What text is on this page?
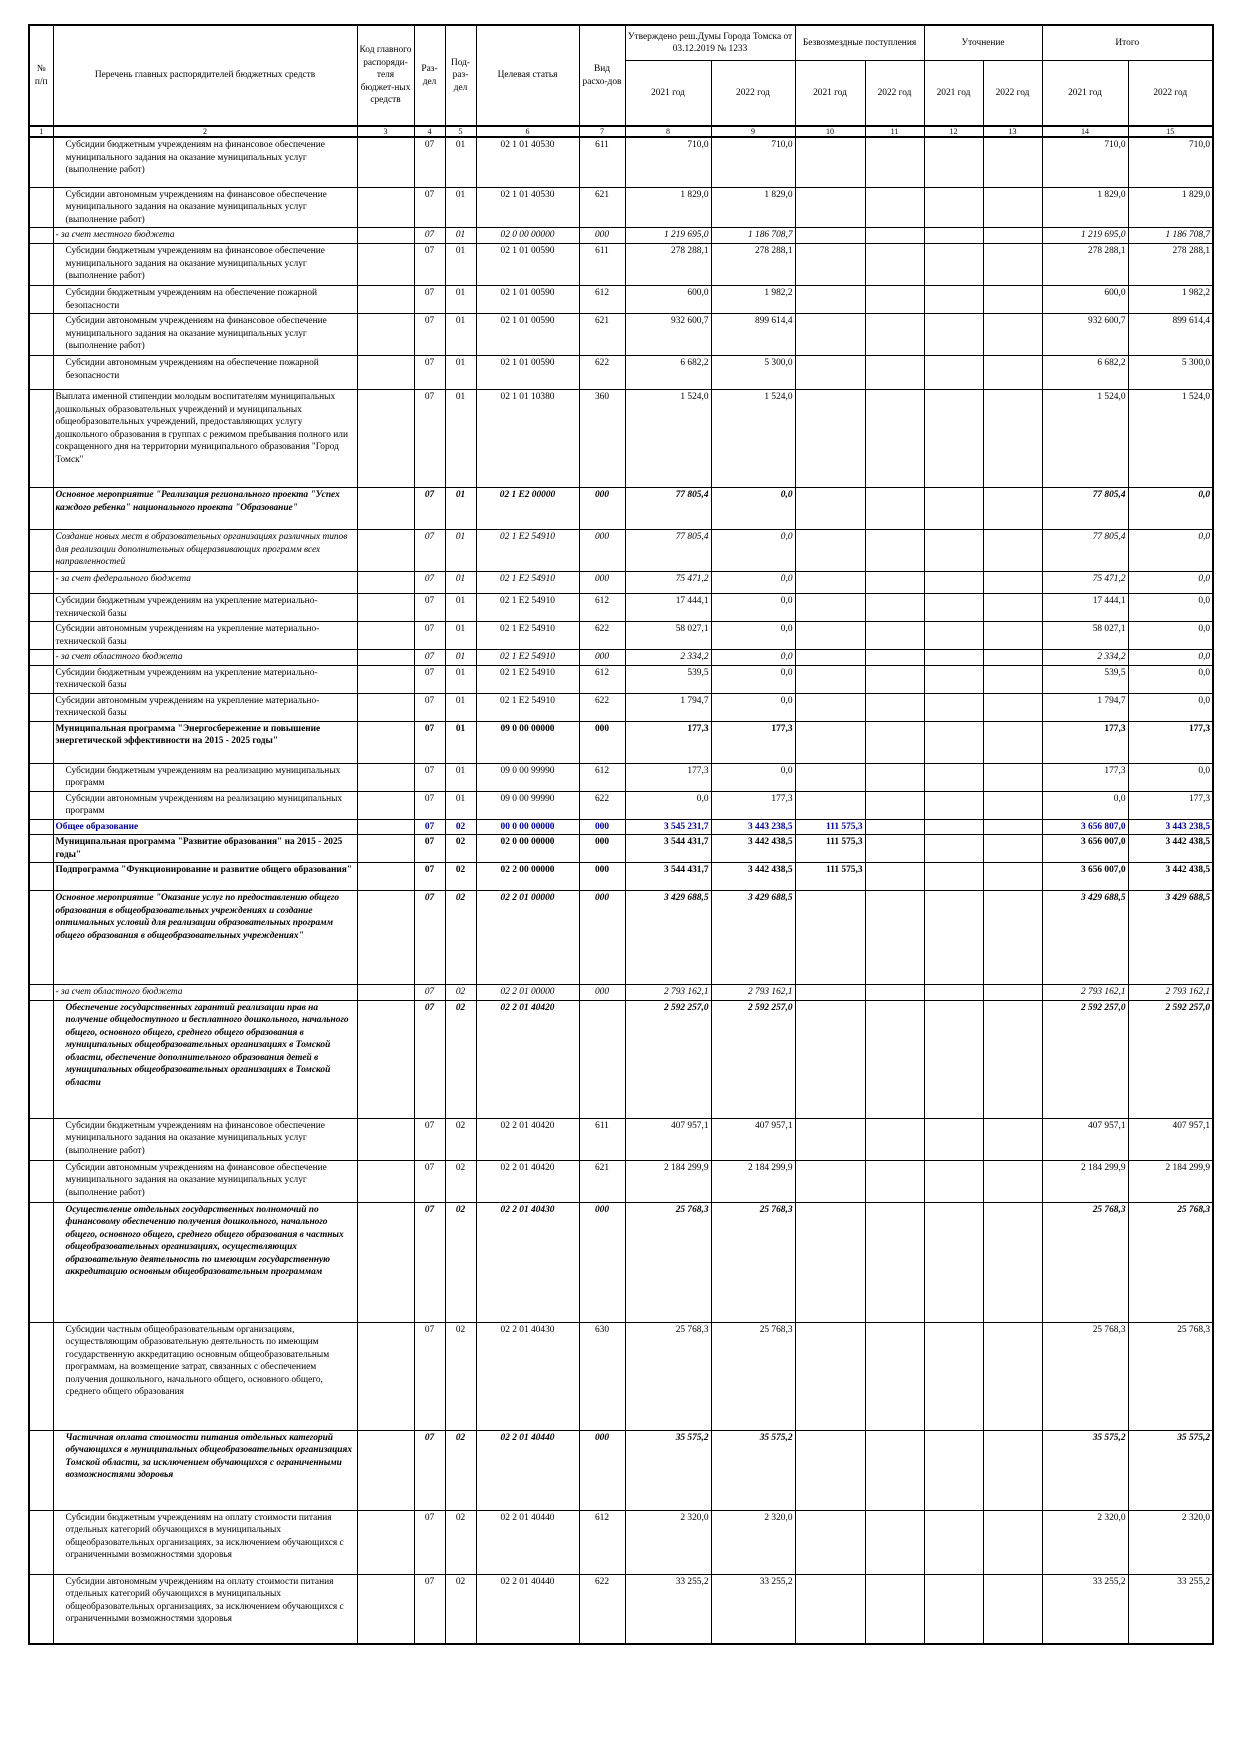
№ п/п	Перечень главных распорядителей бюджетных средств	Код главного распоряди-теля бюджет-ных средств	Раз-дел	Под-раз-дел	Целевая статья	Вид расхо-дов	Утверждено реш.Думы Города Томска от 03.12.2019 № 1233		Безвозмездные поступления		Уточнение		Итого	
							2021 год	2022 год	2021 год	2022 год	2021 год	2022 год	2021 год	2022 год
1	2	3	4	5	6	7	8	9	10	11	12	13	14	15
	Субсидии бюджетным учреждениям на финансовое обеспечение муниципального задания на оказание муниципальных услуг (выполнение работ)		07	01	02 1 01 40530	611	710,0	710,0					710,0	710,0
	Субсидии автономным учреждениям на финансовое обеспечение муниципального задания на оказание муниципальных услуг (выполнение работ)		07	01	02 1 01 40530	621	1 829,0	1 829,0					1 829,0	1 829,0
	- за счет местного бюджета		07	01	02 0 00 00000	000	1 219 695,0	1 186 708,7					1 219 695,0	1 186 708,7
	Субсидии бюджетным учреждениям на финансовое обеспечение муниципального задания на оказание муниципальных услуг (выполнение работ)		07	01	02 1 01 00590	611	278 288,1	278 288,1					278 288,1	278 288,1
	Субсидии бюджетным учреждениям на обеспечение пожарной безопасности		07	01	02 1 01 00590	612	600,0	1 982,2					600,0	1 982,2
	Субсидии автономным учреждениям на финансовое обеспечение муниципального задания на оказание муниципальных услуг (выполнение работ)		07	01	02 1 01 00590	621	932 600,7	899 614,4					932 600,7	899 614,4
	Субсидии автономным учреждениям на обеспечение пожарной безопасности		07	01	02 1 01 00590	622	6 682,2	5 300,0					6 682,2	5 300,0
	Выплата именной стипендии молодым воспитателям муниципальных дошкольных образовательных учреждений и муниципальных общеобразовательных учреждений, предоставляющих услугу дошкольного образования в группах с режимом пребывания полного или сокращенного дня на территории муниципального образования "Город Томск"		07	01	02 1 01 10380	360	1 524,0	1 524,0					1 524,0	1 524,0
	Основное мероприятие "Реализация регионального проекта "Успех каждого ребенка" национального проекта "Образование"		07	01	02 1 E2 00000	000	77 805,4	0,0					77 805,4	0,0
	Создание новых мест в образовательных организациях различных типов для реализации дополнительных общеразвивающих программ всех направленностей		07	01	02 1 E2 54910	000	77 805,4	0,0					77 805,4	0,0
	- за счет федерального бюджета		07	01	02 1 E2 54910	000	75 471,2	0,0					75 471,2	0,0
	Субсидии бюджетным учреждениям на укрепление материально-технической базы		07	01	02 1 E2 54910	612	17 444,1	0,0					17 444,1	0,0
	Субсидии автономным учреждениям на укрепление материально-технической базы		07	01	02 1 E2 54910	622	58 027,1	0,0					58 027,1	0,0
	- за счет областного бюджета		07	01	02 1 E2 54910	000	2 334,2	0,0					2 334,2	0,0
	Субсидии бюджетным учреждениям на укрепление материально-технической базы		07	01	02 1 E2 54910	612	539,5	0,0					539,5	0,0
	Субсидии автономным учреждениям на укрепление материально-технической базы		07	01	02 1 E2 54910	622	1 794,7	0,0					1 794,7	0,0
	Муниципальная программа "Энергосбережение и повышение энергетической эффективности на 2015 - 2025 годы"		07	01	09 0 00 00000	000	177,3	177,3					177,3	177,3
	Субсидии бюджетным учреждениям на реализацию муниципальных программ		07	01	09 0 00 99990	612	177,3	0,0					177,3	0,0
	Субсидии автономным учреждениям на реализацию муниципальных программ		07	01	09 0 00 99990	622	0,0	177,3					0,0	177,3
	Общее образование		07	02	00 0 00 00000	000	3 545 231,7	3 443 238,5	111 575,3				3 656 807,0	3 443 238,5
	Муниципальная программа "Развитие образования" на 2015 - 2025 годы"		07	02	02 0 00 00000	000	3 544 431,7	3 442 438,5	111 575,3				3 656 007,0	3 442 438,5
	Подпрограмма "Функционирование и развитие общего образования"		07	02	02 2 00 00000	000	3 544 431,7	3 442 438,5	111 575,3				3 656 007,0	3 442 438,5
	Основное мероприятие "Оказание услуг по предоставлению общего образования в общеобразовательных учреждениях и создание оптимальных условий для реализации образовательных программ общего образования в общеобразовательных учреждениях"		07	02	02 2 01 00000	000	3 429 688,5	3 429 688,5					3 429 688,5	3 429 688,5
	- за счет областного бюджета		07	02	02 2 01 00000	000	2 793 162,1	2 793 162,1					2 793 162,1	2 793 162,1
	Обеспечение государственных гарантий реализации прав на получение общедоступного и бесплатного дошкольного, начального общего, основного общего, среднего общего образования в муниципальных общеобразовательных организациях в Томской области, обеспечение дополнительного образования детей в муниципальных общеобразовательных организациях в Томской области		07	02	02 2 01 40420		2 592 257,0	2 592 257,0					2 592 257,0	2 592 257,0
	Субсидии бюджетным учреждениям на финансовое обеспечение муниципального задания на оказание муниципальных услуг (выполнение работ)		07	02	02 2 01 40420	611	407 957,1	407 957,1					407 957,1	407 957,1
	Субсидии автономным учреждениям на финансовое обеспечение муниципального задания на оказание муниципальных услуг (выполнение работ)		07	02	02 2 01 40420	621	2 184 299,9	2 184 299,9					2 184 299,9	2 184 299,9
	Осуществление отдельных государственных полномочий по финансовому обеспечению получения дошкольного, начального общего, основного общего, среднего общего образования в частных общеобразовательных организациях, осуществляющих образовательную деятельность по имеющим государственную аккредитацию основным общеобразовательным программам		07	02	02 2 01 40430	000	25 768,3	25 768,3					25 768,3	25 768,3
	Субсидии частным общеобразовательным организациям, осуществляющим образовательную деятельность по имеющим государственную аккредитацию основным общеобразовательным программам, на возмещение затрат, связанных с обеспечением получения дошкольного, начального общего, основного общего, среднего общего образования		07	02	02 2 01 40430	630	25 768,3	25 768,3					25 768,3	25 768,3
	Частичная оплата стоимости питания отдельных категорий обучающихся в муниципальных общеобразовательных организациях Томской области, за исключением обучающихся с ограниченными возможностями здоровья		07	02	02 2 01 40440	000	35 575,2	35 575,2					35 575,2	35 575,2
	Субсидии бюджетным учреждениям на оплату стоимости питания отдельных категорий обучающихся в муниципальных общеобразовательных организациях, за исключением обучающихся с ограниченными возможностями здоровья		07	02	02 2 01 40440	612	2 320,0	2 320,0					2 320,0	2 320,0
	Субсидии автономным учреждениям на оплату стоимости питания отдельных категорий обучающихся в муниципальных общеобразовательных организациях, за исключением обучающихся с ограниченными возможностями здоровья		07	02	02 2 01 40440	622	33 255,2	33 255,2					33 255,2	33 255,2
